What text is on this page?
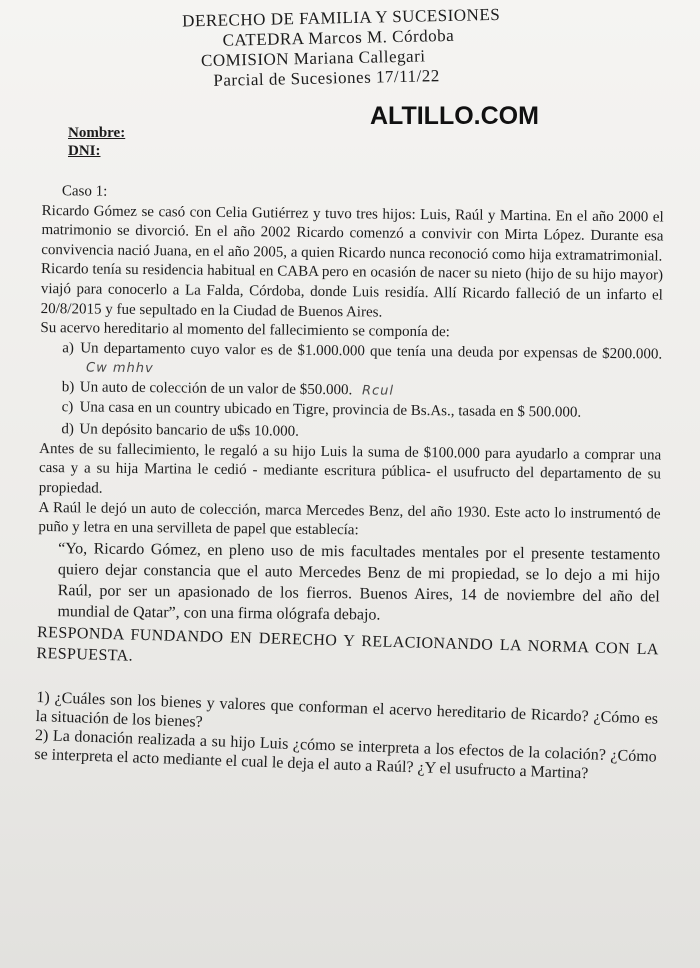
DERECHO DE FAMILIA Y SUCESIONES
CATEDRA Marcos M. Córdoba
COMISION Mariana Callegari
Parcial de Sucesiones 17/11/22
ALTILLO.COM
Nombre:
DNI:

Caso 1:

Ricardo Gómez se casó con Celia Gutiérrez y tuvo tres hijos: Luis, Raúl y Martina. En el año 2000 el matrimonio se divorció. En el año 2002 Ricardo comenzó a convivir con Mirta López. Durante esa convivencia nació Juana, en el año 2005, a quien Ricardo nunca reconoció como hija extramatrimonial.

Ricardo tenía su residencia habitual en CABA pero en ocasión de nacer su nieto (hijo de su hijo mayor) viajó para conocerlo a La Falda, Córdoba, donde Luis residía. Allí Ricardo falleció de un infarto el 20/8/2015 y fue sepultado en la Ciudad de Buenos Aires.

Su acervo hereditario al momento del fallecimiento se componía de:

a) Un departamento cuyo valor es de $1.000.000 que tenía una deuda por expensas de $200.000. Cw mhhv
b) Un auto de colección de un valor de $50.000. Rcul
c) Una casa en un country ubicado en Tigre, provincia de Bs.As., tasada en $ 500.000.
d) Un depósito bancario de u$s 10.000.

Antes de su fallecimiento, le regaló a su hijo Luis la suma de $100.000 para ayudarlo a comprar una casa y a su hija Martina le cedió - mediante escritura pública- el usufructo del departamento de su propiedad.

A Raúl le dejó un auto de colección, marca Mercedes Benz, del año 1930. Este acto lo instrumentó de puño y letra en una servilleta de papel que establecía:

“Yo, Ricardo Gómez, en pleno uso de mis facultades mentales por el presente testamento quiero dejar constancia que el auto Mercedes Benz de mi propiedad, se lo dejo a mi hijo Raúl, por ser un apasionado de los fierros. Buenos Aires, 14 de noviembre del año del mundial de Qatar”, con una firma ológrafa debajo.

RESPONDA FUNDANDO EN DERECHO Y RELACIONANDO LA NORMA CON LA RESPUESTA.

1) ¿Cuáles son los bienes y valores que conforman el acervo hereditario de Ricardo? ¿Cómo es la situación de los bienes?

2) La donación realizada a su hijo Luis ¿cómo se interpreta a los efectos de la colación? ¿Cómo se interpreta el acto mediante el cual le deja el auto a Raúl? ¿Y el usufructo a Martina?
